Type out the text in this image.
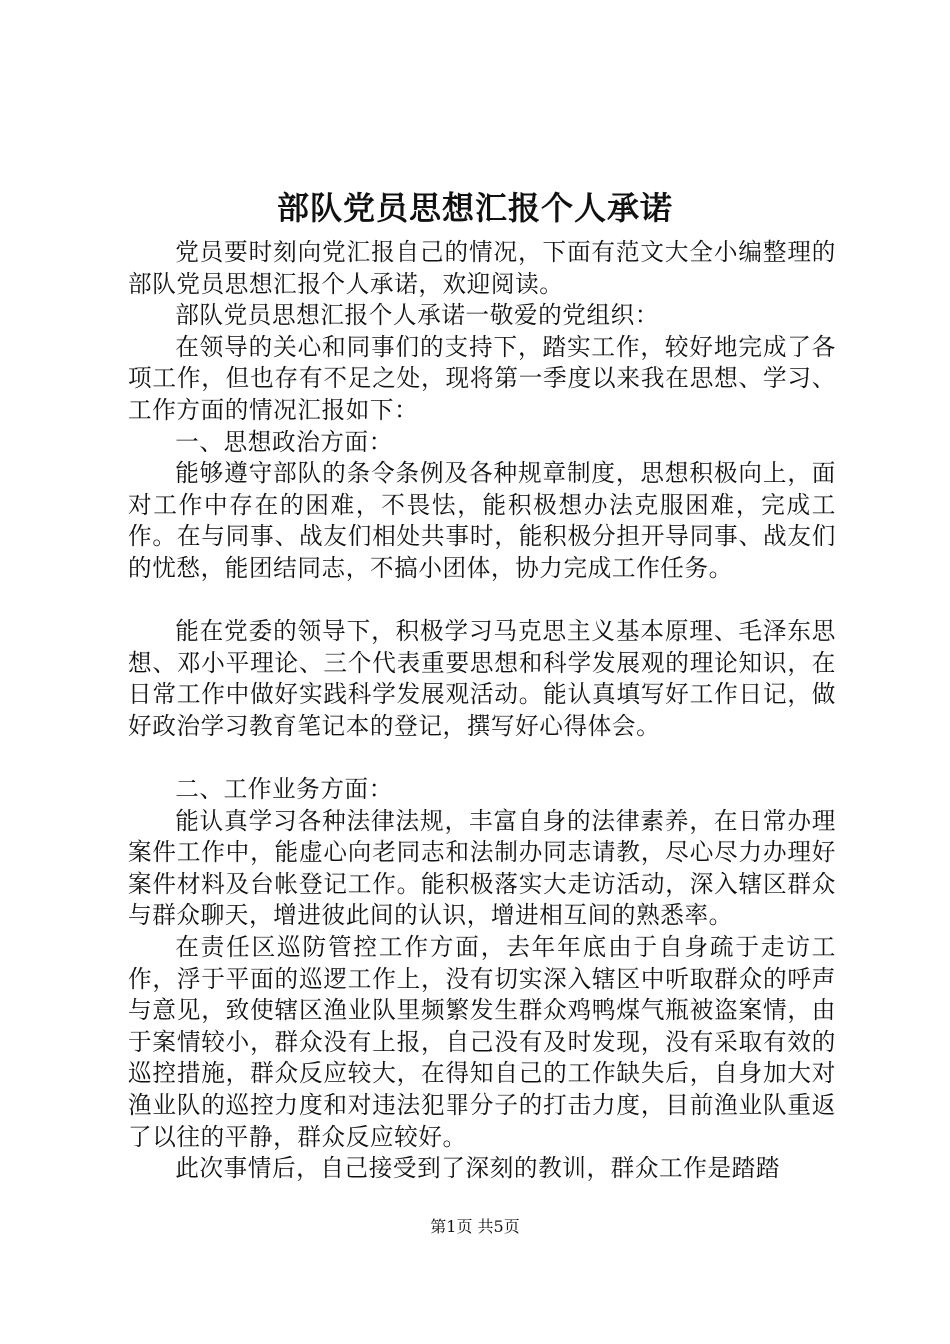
部队党员思想汇报个人承诺

党员要时刻向党汇报自己的情况，下面有范文大全小编整理的部队党员思想汇报个人承诺，欢迎阅读。

部队党员思想汇报个人承诺一敬爱的党组织：

在领导的关心和同事们的支持下，踏实工作，较好地完成了各项工作，但也存有不足之处，现将第一季度以来我在思想、学习、工作方面的情况汇报如下：

一、思想政治方面：

能够遵守部队的条令条例及各种规章制度，思想积极向上，面对工作中存在的困难，不畏怯，能积极想办法克服困难，完成工作。在与同事、战友们相处共事时，能积极分担开导同事、战友们的忧愁，能团结同志，不搞小团体，协力完成工作任务。

能在党委的领导下，积极学习马克思主义基本原理、毛泽东思想、邓小平理论、三个代表重要思想和科学发展观的理论知识，在日常工作中做好实践科学发展观活动。能认真填写好工作日记，做好政治学习教育笔记本的登记，撰写好心得体会。

二、工作业务方面：

能认真学习各种法律法规，丰富自身的法律素养，在日常办理案件工作中，能虚心向老同志和法制办同志请教，尽心尽力办理好案件材料及台帐登记工作。能积极落实大走访活动，深入辖区群众与群众聊天，增进彼此间的认识，增进相互间的熟悉率。

在责任区巡防管控工作方面，去年年底由于自身疏于走访工作，浮于平面的巡逻工作上，没有切实深入辖区中听取群众的呼声与意见，致使辖区渔业队里频繁发生群众鸡鸭煤气瓶被盗案情，由于案情较小，群众没有上报，自己没有及时发现，没有采取有效的巡控措施，群众反应较大，在得知自己的工作缺失后，自身加大对渔业队的巡控力度和对违法犯罪分子的打击力度，目前渔业队重返了以往的平静，群众反应较好。

此次事情后，自己接受到了深刻的教训，群众工作是踏踏

第1页 共5页
